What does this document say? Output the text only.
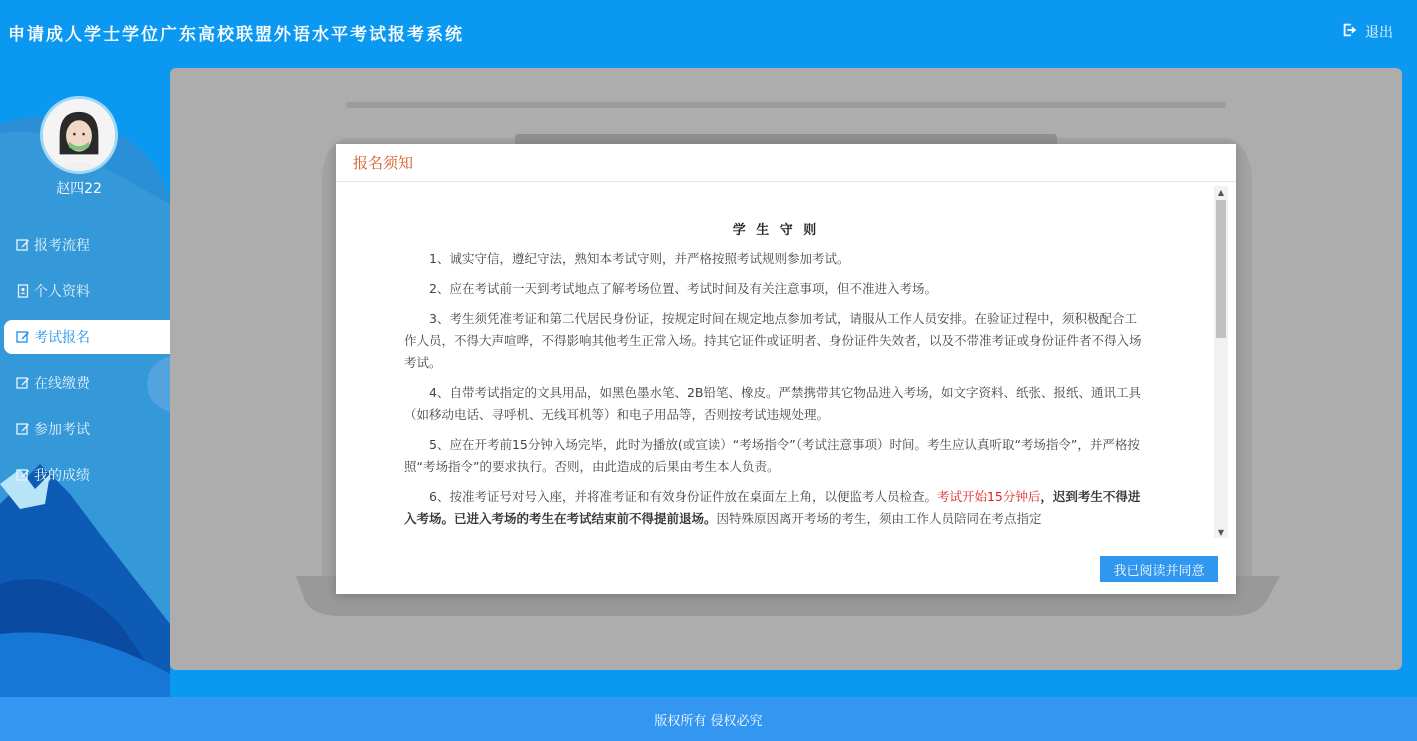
申请成人学士学位广东高校联盟外语水平考试报考系统	退出
赵四22
报考流程
个人资料
考试报名
在线缴费
参加考试
我的成绩
报名须知
学 生 守 则

1、诚实守信，遵纪守法，熟知本考试守则，并严格按照考试规则参加考试。

2、应在考试前一天到考试地点了解考场位置、考试时间及有关注意事项，但不准进入考场。

3、考生须凭准考证和第二代居民身份证，按规定时间在规定地点参加考试，请服从工作人员安排。在验证过程中，须积极配合工作人员，不得大声喧哗，不得影响其他考生正常入场。持其它证件或证明者、身份证件失效者，以及不带准考证或身份证件者不得入场考试。

4、自带考试指定的文具用品，如黑色墨水笔、2B铅笔、橡皮。严禁携带其它物品进入考场，如文字资料、纸张、报纸、通讯工具（如移动电话、寻呼机、无线耳机等）和电子用品等，否则按考试违规处理。

5、应在开考前15分钟入场完毕，此时为播放(或宣读）“考场指令”（考试注意事项）时间。考生应认真听取“考场指令”，并严格按照“考场指令”的要求执行。否则，由此造成的后果由考生本人负责。

6、按准考证号对号入座，并将准考证和有效身份证件放在桌面左上角，以便监考人员检查。考试开始15分钟后，迟到考生不得进入考场。已进入考场的考生在考试结束前不得提前退场。因特殊原因离开考场的考生，须由工作人员陪同在考点指定

▲
▼
我已阅读并同意
版权所有 侵权必究
